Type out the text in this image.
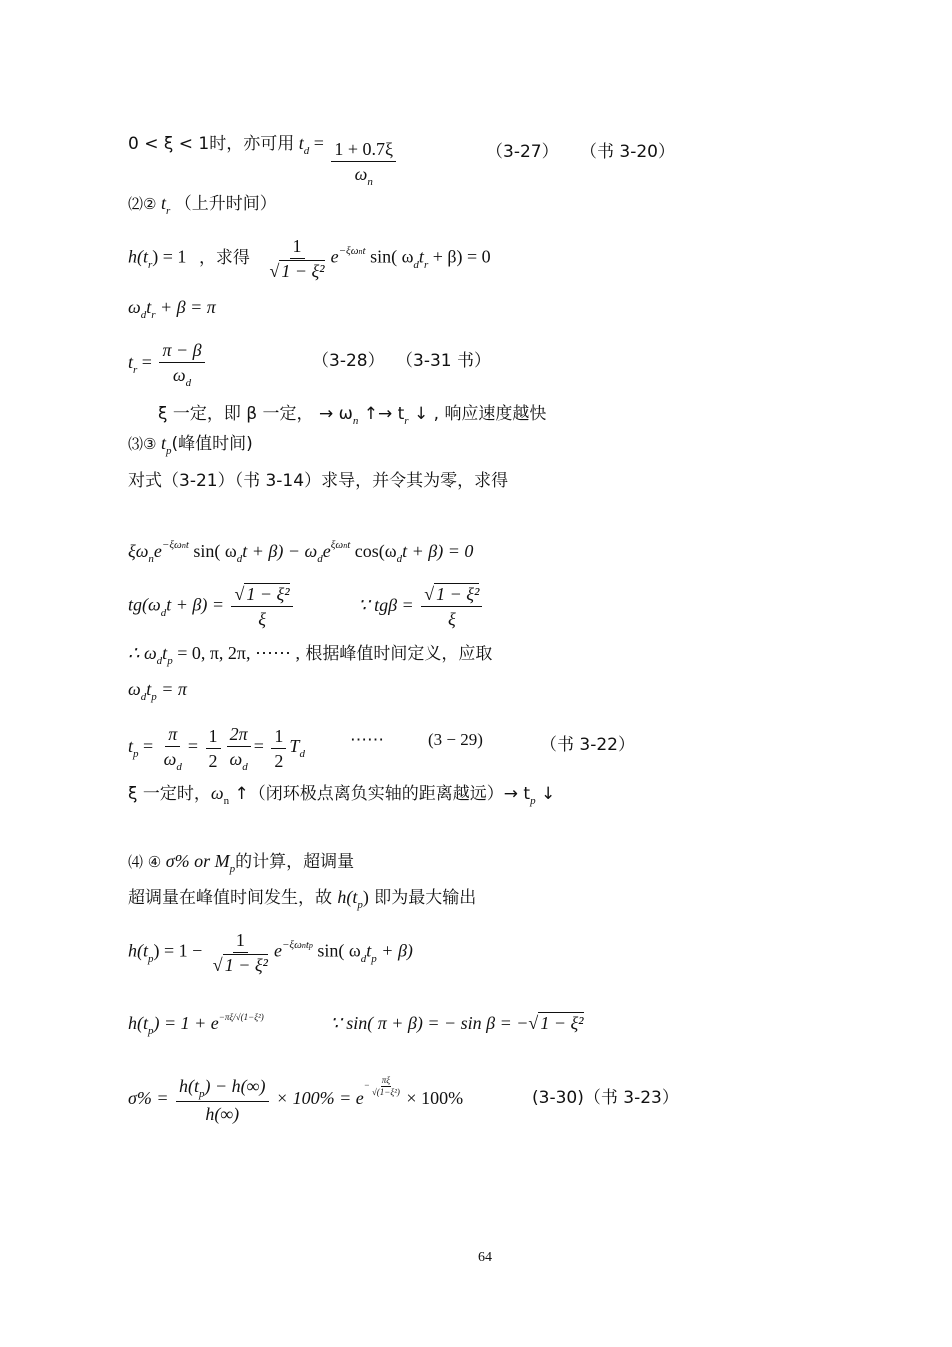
0 < ξ < 1时，亦可用 $t_d = \frac{1 + 0.7\xi}{\omega_n}$	（3-27） （书 3-20）
⑵② $t_r$ （上升时间）
$h(t_r) = 1$ ，求得 $\frac{1}{\text{√ 1 − ξ²}} e^{-\xi\omega nt}$ sin( $\omega_dt_r + \beta) = 0$
$\omega_dt_r + \beta = \pi$
$t_r = \frac{\pi - \beta}{\omega_d}$	（3-28） （3-31 书）
ξ 一定，即 β 一定， → $\omega_n$ ↑→ $t_r$ ↓ , 响应速度越快
⑶③ $t_p$(峰值时间)
对式（3-21）（书 3-14）求导，并令其为零，求得
$\xi\omega_ne^{-\xi\omega nt}$ sin( $\omega_dt + \beta) - \omega_de^{\xi\omega nt}$ $\cos(\omega_dt + \beta) = 0$
$tg(\omega_dt + \beta) = \frac{\text{√ 1 − ξ²}}{\xi}$	∵ $tg\beta = \frac{\text{√ 1 − ξ²}}{\xi}$
∴ $\omega_dt_p = 0$, π, 2π, ⋯⋯ , 根据峰值时间定义，应取
$\omega_dt_p = \pi$
$t_p = \frac{\pi}{\omega_d} = \frac{1}{2} \frac{2\pi}{\omega_d} = \frac{1}{2} T_d$
⋯⋯	(3 − 29)	（书 3-22）
ξ 一定时，$\omega_n$ ↑（闭环极点离负实轴的距离越远）→ $t_p$ ↓
⑷ ④ σ% or $M_p$的计算，超调量
超调量在峰值时间发生，故 $h(t_p)$ 即为最大输出
$h(t_p) = 1 - \frac{1}{\text{√ 1 − ξ²}} e^{-\xi\omega ntp}$ sin( $\omega_dt_p + \beta$)
$h(t_p) = 1 + e^{-\pi\xi/√(1-\xi^2)}$	∵ sin( π + β) = − sin β = −√ 1 − ξ²
$\sigma\% = \frac{h(t_p) - h(\infty)}{h(\infty)} \times 100\% = e^{- \frac{\pi\xi}{\text{√(1−ξ²)}}}$
× 100%	(3-30)（书 3-23）
64
